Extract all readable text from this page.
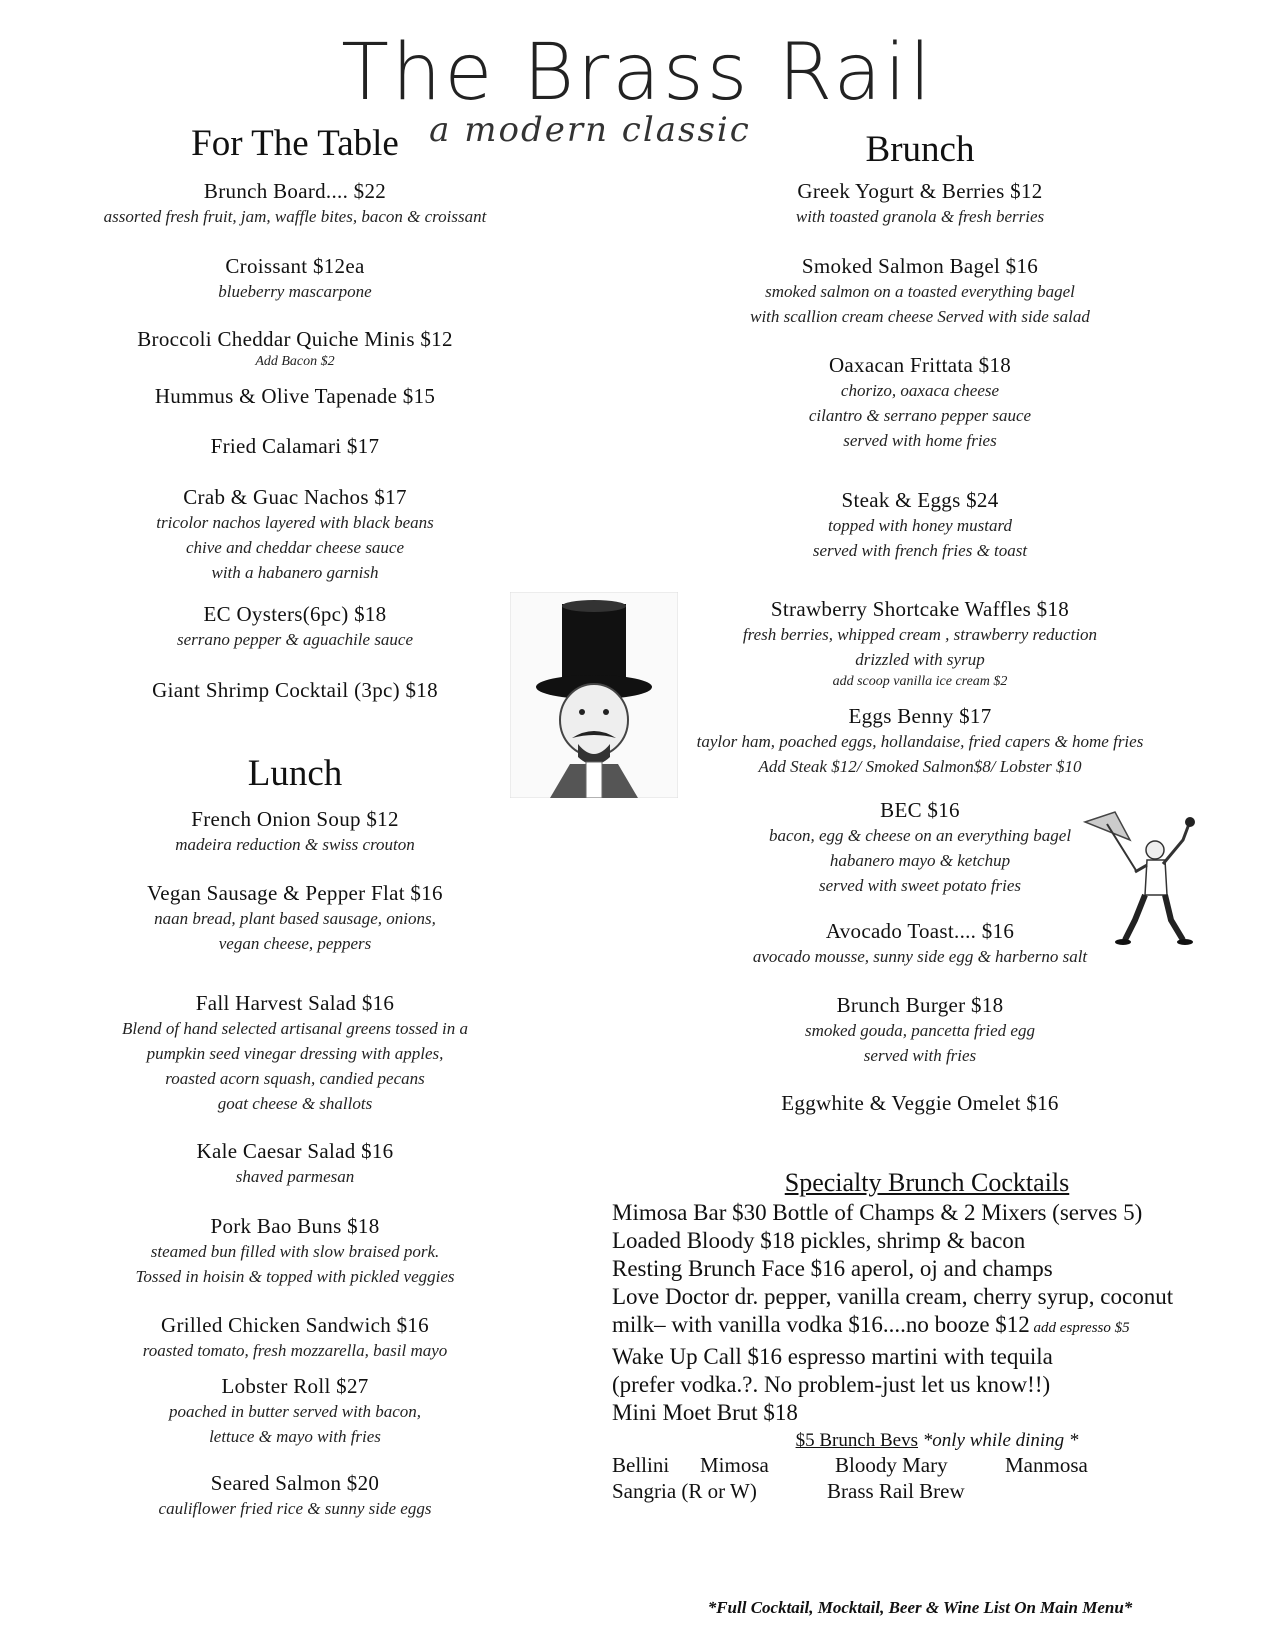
The Brass Rail
a modern classic
For The Table
Brunch Board.... $22
assorted fresh fruit, jam, waffle bites, bacon & croissant
Croissant $12ea
blueberry mascarpone
Broccoli Cheddar Quiche Minis $12
Add Bacon $2
Hummus & Olive Tapenade $15
Fried Calamari $17
Crab & Guac Nachos $17
tricolor nachos layered with black beans
chive and cheddar cheese sauce
with a habanero garnish
EC Oysters(6pc) $18
serrano pepper & aguachile sauce
Giant Shrimp Cocktail (3pc) $18
Lunch
French Onion Soup $12
madeira reduction & swiss crouton
Vegan Sausage & Pepper Flat $16
naan bread, plant based sausage, onions,
vegan cheese, peppers
Fall Harvest Salad $16
Blend of hand selected artisanal greens tossed in a
pumpkin seed vinegar dressing with apples,
roasted acorn squash, candied pecans
goat cheese & shallots
Kale Caesar Salad $16
shaved parmesan
Pork Bao Buns $18
steamed bun filled with slow braised pork.
Tossed in hoisin & topped with pickled veggies
Grilled Chicken Sandwich $16
roasted tomato, fresh mozzarella, basil mayo
Lobster Roll $27
poached in butter served with bacon,
lettuce & mayo with fries
Seared Salmon $20
cauliflower fried rice & sunny side eggs
Brunch
Greek Yogurt & Berries $12
with toasted granola & fresh berries
Smoked Salmon Bagel $16
smoked salmon on a toasted everything bagel
with scallion cream cheese Served with side salad
Oaxacan Frittata $18
chorizo, oaxaca cheese
cilantro & serrano pepper sauce
served with home fries
Steak & Eggs $24
topped with honey mustard
served with french fries & toast
Strawberry Shortcake Waffles $18
fresh berries, whipped cream , strawberry reduction
drizzled with syrup
add scoop vanilla ice cream $2
Eggs Benny $17
taylor ham, poached eggs, hollandaise, fried capers & home fries
Add Steak $12/ Smoked Salmon$8/ Lobster $10
BEC $16
bacon, egg & cheese on an everything bagel
habanero mayo & ketchup
served with sweet potato fries
Avocado Toast.... $16
avocado mousse, sunny side egg & harberno salt
Brunch Burger $18
smoked gouda, pancetta fried egg
served with fries
Eggwhite & Veggie Omelet $16
Specialty Brunch Cocktails
Mimosa Bar $30 Bottle of Champs & 2 Mixers (serves 5)
Loaded Bloody $18 pickles, shrimp & bacon
Resting Brunch Face $16 aperol, oj and champs
Love Doctor dr. pepper, vanilla cream, cherry syrup, coconut
milk– with vanilla vodka $16....no booze $12 add espresso $5
Wake Up Call $16 espresso martini with tequila
(prefer vodka.?. No problem-just let us know!!)
Mini Moet Brut $18
$5 Brunch Bevs *only while dining *
Bellini	Mimosa	Bloody Mary	Manmosa
Sangria (R or W)	Brass Rail Brew
*Full Cocktail, Mocktail, Beer & Wine List On Main Menu*
